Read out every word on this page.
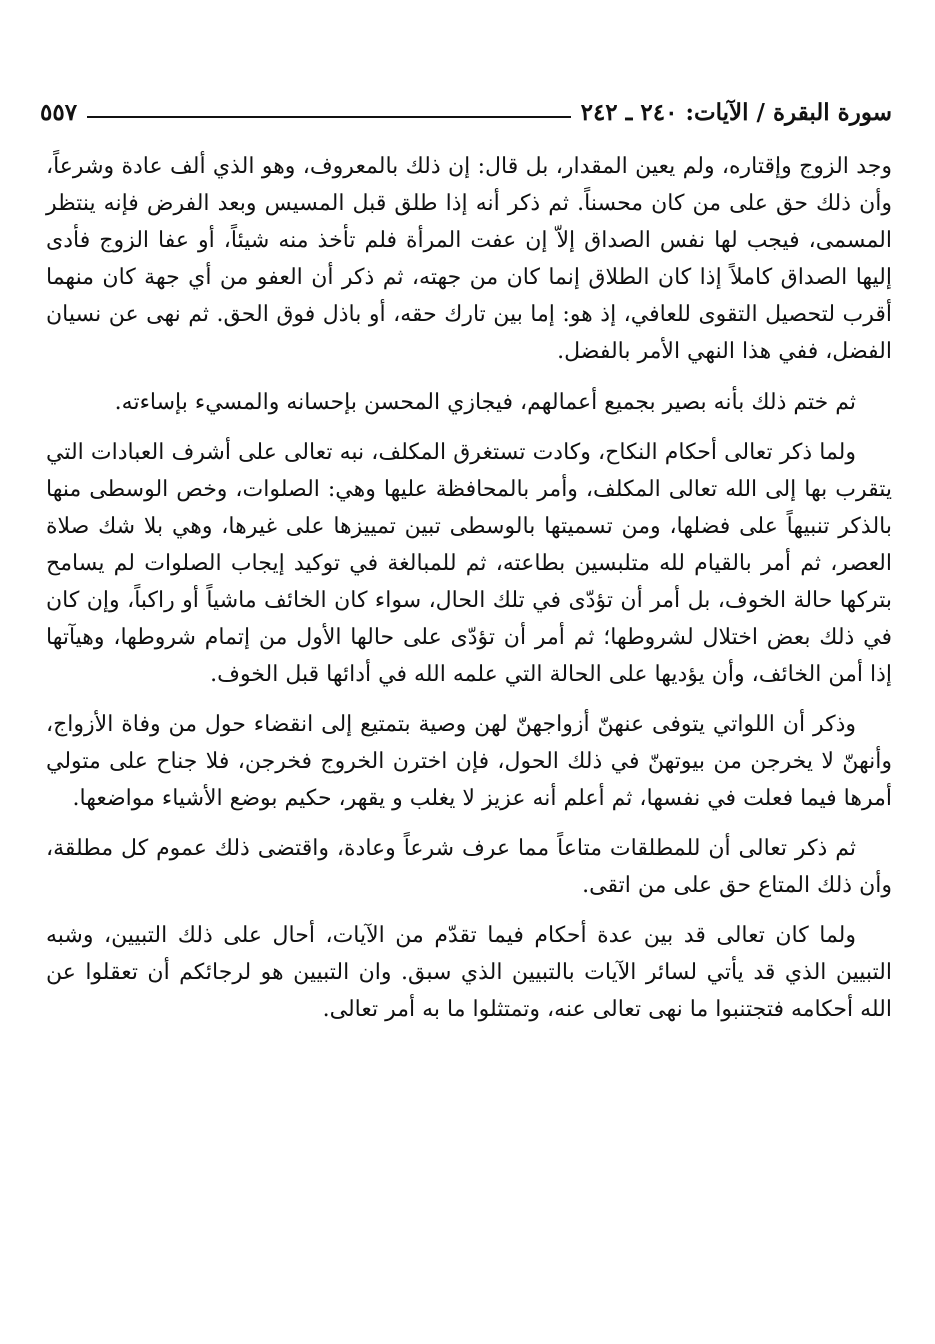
سورة البقرة / الآيات: ٢٤٠ ـ ٢٤٢
٥٥٧

وجد الزوج وإقتاره، ولم يعين المقدار، بل قال: إن ذلك بالمعروف، وهو الذي ألف عادة وشرعاً، وأن ذلك حق على من كان محسناً. ثم ذكر أنه إذا طلق قبل المسيس وبعد الفرض فإنه ينتظر المسمى، فيجب لها نفس الصداق إلاّ إن عفت المرأة فلم تأخذ منه شيئاً، أو عفا الزوج فأدى إليها الصداق كاملاً إذا كان الطلاق إنما كان من جهته، ثم ذكر أن العفو من أي جهة كان منهما أقرب لتحصيل التقوى للعافي، إذ هو: إما بين تارك حقه، أو باذل فوق الحق. ثم نهى عن نسيان الفضل، ففي هذا النهي الأمر بالفضل.

ثم ختم ذلك بأنه بصير بجميع أعمالهم، فيجازي المحسن بإحسانه والمسيء بإساءته.

ولما ذكر تعالى أحكام النكاح، وكادت تستغرق المكلف، نبه تعالى على أشرف العبادات التي يتقرب بها إلى الله تعالى المكلف، وأمر بالمحافظة عليها وهي: الصلوات، وخص الوسطى منها بالذكر تنبيهاً على فضلها، ومن تسميتها بالوسطى تبين تمييزها على غيرها، وهي بلا شك صلاة العصر، ثم أمر بالقيام لله متلبسين بطاعته، ثم للمبالغة في توكيد إيجاب الصلوات لم يسامح بتركها حالة الخوف، بل أمر أن تؤدّى في تلك الحال، سواء كان الخائف ماشياً أو راكباً، وإن كان في ذلك بعض اختلال لشروطها؛ ثم أمر أن تؤدّى على حالها الأول من إتمام شروطها، وهيآتها إذا أمن الخائف، وأن يؤديها على الحالة التي علمه الله في أدائها قبل الخوف.

وذكر أن اللواتي يتوفى عنهنّ أزواجهنّ لهن وصية بتمتيع إلى انقضاء حول من وفاة الأزواج، وأنهنّ لا يخرجن من بيوتهنّ في ذلك الحول، فإن اخترن الخروج فخرجن، فلا جناح على متولي أمرها فيما فعلت في نفسها، ثم أعلم أنه عزيز لا يغلب و يقهر، حكيم بوضع الأشياء مواضعها.

ثم ذكر تعالى أن للمطلقات متاعاً مما عرف شرعاً وعادة، واقتضى ذلك عموم كل مطلقة، وأن ذلك المتاع حق على من اتقى.

ولما كان تعالى قد بين عدة أحكام فيما تقدّم من الآيات، أحال على ذلك التبيين، وشبه التبيين الذي قد يأتي لسائر الآيات بالتبيين الذي سبق. وان التبيين هو لرجائكم أن تعقلوا عن الله أحكامه فتجتنبوا ما نهى تعالى عنه، وتمتثلوا ما به أمر تعالى.
